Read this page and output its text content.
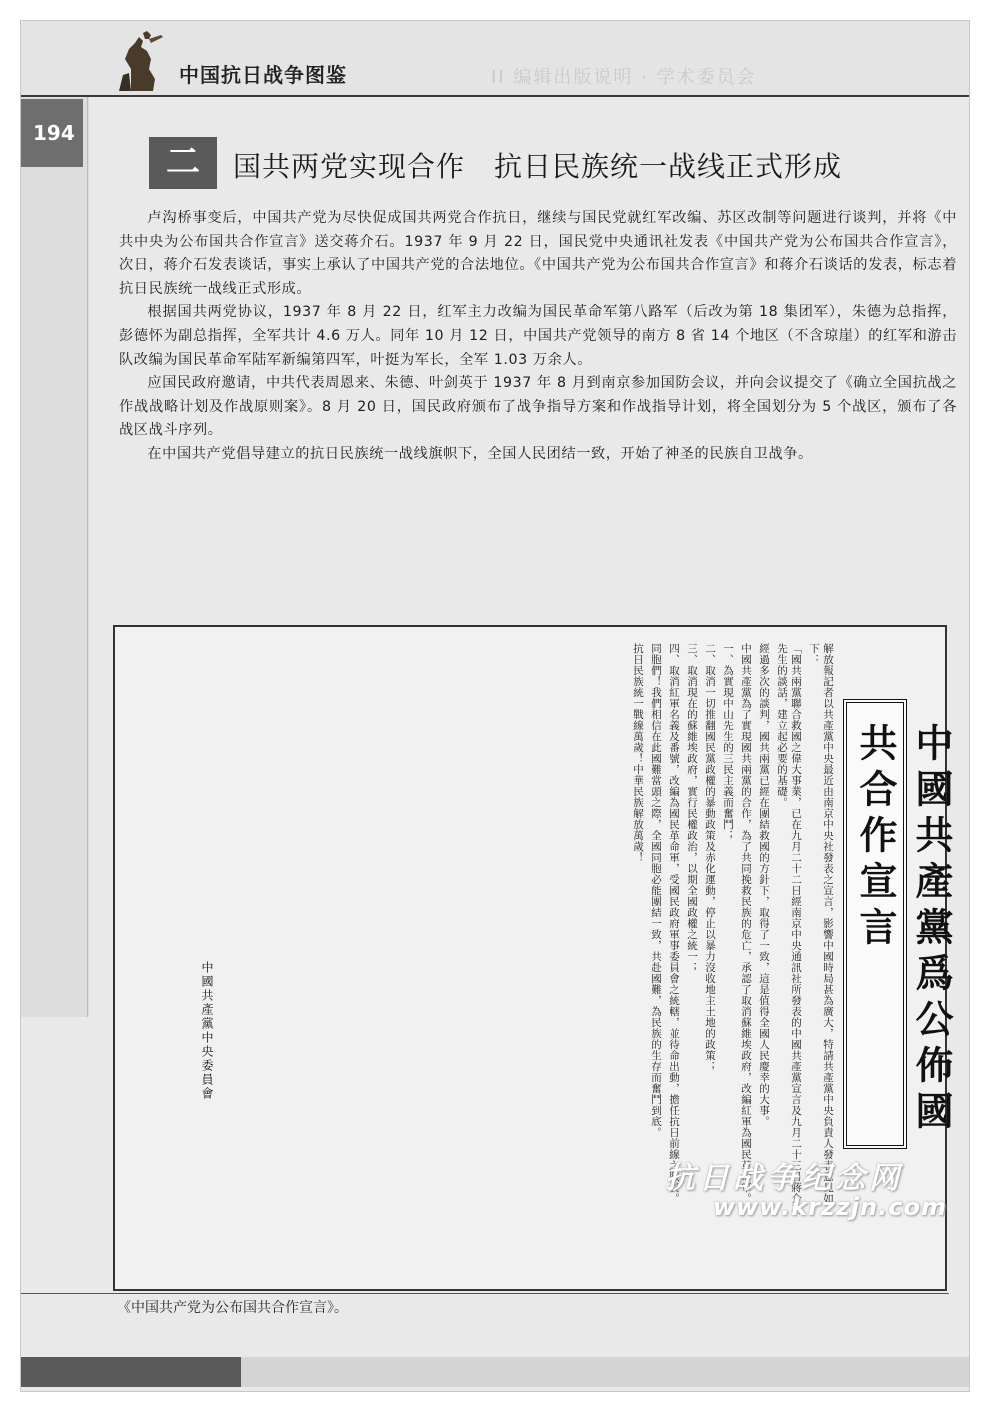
中国抗日战争图鉴	II 编辑出版说明 · 学术委员会
194
二	国共两党实现合作　抗日民族统一战线正式形成

卢沟桥事变后，中国共产党为尽快促成国共两党合作抗日，继续与国民党就红军改编、苏区改制等问题进行谈判，并将《中共中央为公布国共合作宣言》送交蒋介石。1937 年 9 月 22 日，国民党中央通讯社发表《中国共产党为公布国共合作宣言》，次日，蒋介石发表谈话，事实上承认了中国共产党的合法地位。《中国共产党为公布国共合作宣言》和蒋介石谈话的发表，标志着抗日民族统一战线正式形成。

根据国共两党协议，1937 年 8 月 22 日，红军主力改编为国民革命军第八路军（后改为第 18 集团军），朱德为总指挥，彭德怀为副总指挥，全军共计 4.6 万人。同年 10 月 12 日，中国共产党领导的南方 8 省 14 个地区（不含琼崖）的红军和游击队改编为国民革命军陆军新编第四军，叶挺为军长，全军 1.03 万余人。

应国民政府邀请，中共代表周恩来、朱德、叶剑英于 1937 年 8 月到南京参加国防会议，并向会议提交了《确立全国抗战之作战战略计划及作战原则案》。8 月 20 日，国民政府颁布了战争指导方案和作战指导计划，将全国划分为 5 个战区，颁布了各战区战斗序列。

在中国共产党倡导建立的抗日民族统一战线旗帜下，全国人民团结一致，开始了神圣的民族自卫战争。

解放報記者以共產黨中央最近由南京中央社發表之宣言，影響中國時局甚為廣大，特請共產黨中央負責人發表意見如下：
「國共兩黨聯合救國之偉大事業，已在九月二十二日經南京中央通訊社所發表的中國共產黨宣言及九月二十三日蔣介石先生的談話，建立起必要的基礎。
經過多次的談判，國共兩黨已經在團結救國的方針下，取得了一致，這是值得全國人民慶幸的大事。
中國共產黨為了實現國共兩黨的合作，為了共同挽救民族的危亡，承認了取消蘇維埃政府，改編紅軍為國民革命軍。
一、為實現中山先生的三民主義而奮鬥；
二、取消一切推翻國民黨政權的暴動政策及赤化運動，停止以暴力沒收地主土地的政策；
三、取消現在的蘇維埃政府，實行民權政治，以期全國政權之統一；
四、取消紅軍名義及番號，改編為國民革命軍，受國民政府軍事委員會之統轄，並待命出動，擔任抗日前線之職責。
同胞們！我們相信在此國難當頭之際，全國同胞必能團結一致，共赴國難，為民族的生存而奮鬥到底。
抗日民族統一戰線萬歲！中華民族解放萬歲！	中國共產黨爲公佈國共合作宣言
中國共產黨中央委員會
抗日战争纪念网
www.krzzjn.com
《中国共产党为公布国共合作宣言》。
